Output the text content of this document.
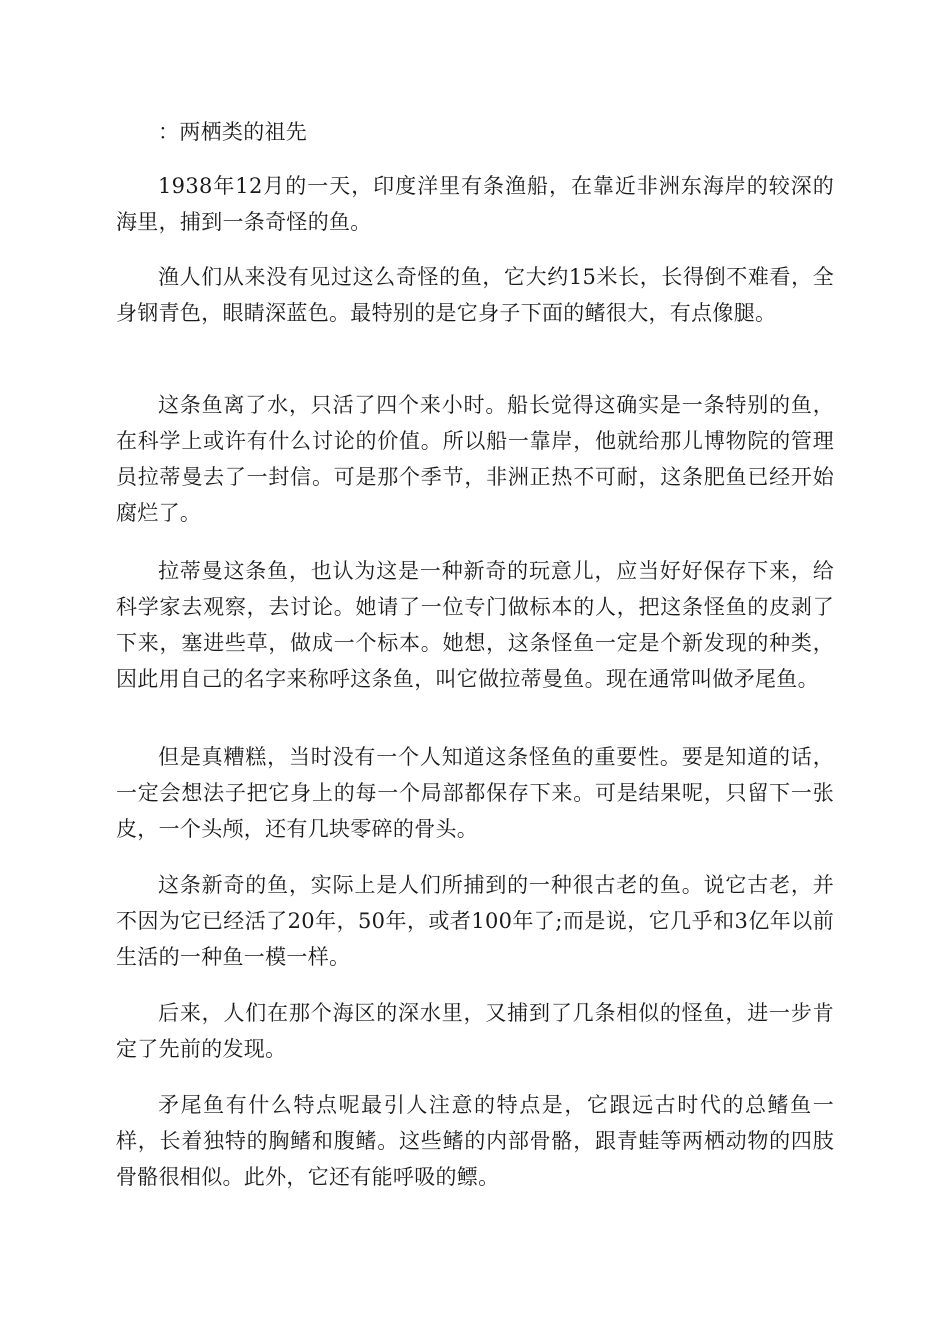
：两栖类的祖先

1938年12月的一天，印度洋里有条渔船，在靠近非洲东海岸的较深的海里，捕到一条奇怪的鱼。

渔人们从来没有见过这么奇怪的鱼，它大约15米长，长得倒不难看，全身钢青色，眼睛深蓝色。最特别的是它身子下面的鳍很大，有点像腿。

这条鱼离了水，只活了四个来小时。船长觉得这确实是一条特别的鱼，在科学上或许有什么讨论的价值。所以船一靠岸，他就给那儿博物院的管理员拉蒂曼去了一封信。可是那个季节，非洲正热不可耐，这条肥鱼已经开始腐烂了。

拉蒂曼这条鱼，也认为这是一种新奇的玩意儿，应当好好保存下来，给科学家去观察，去讨论。她请了一位专门做标本的人，把这条怪鱼的皮剥了下来，塞进些草，做成一个标本。她想，这条怪鱼一定是个新发现的种类，因此用自己的名字来称呼这条鱼，叫它做拉蒂曼鱼。现在通常叫做矛尾鱼。

但是真糟糕，当时没有一个人知道这条怪鱼的重要性。要是知道的话，一定会想法子把它身上的每一个局部都保存下来。可是结果呢，只留下一张皮，一个头颅，还有几块零碎的骨头。

这条新奇的鱼，实际上是人们所捕到的一种很古老的鱼。说它古老，并不因为它已经活了20年，50年，或者100年了;而是说，它几乎和3亿年以前生活的一种鱼一模一样。

后来，人们在那个海区的深水里，又捕到了几条相似的怪鱼，进一步肯定了先前的发现。

矛尾鱼有什么特点呢最引人注意的特点是，它跟远古时代的总鳍鱼一样，长着独特的胸鳍和腹鳍。这些鳍的内部骨骼，跟青蛙等两栖动物的四肢骨骼很相似。此外，它还有能呼吸的鳔。
